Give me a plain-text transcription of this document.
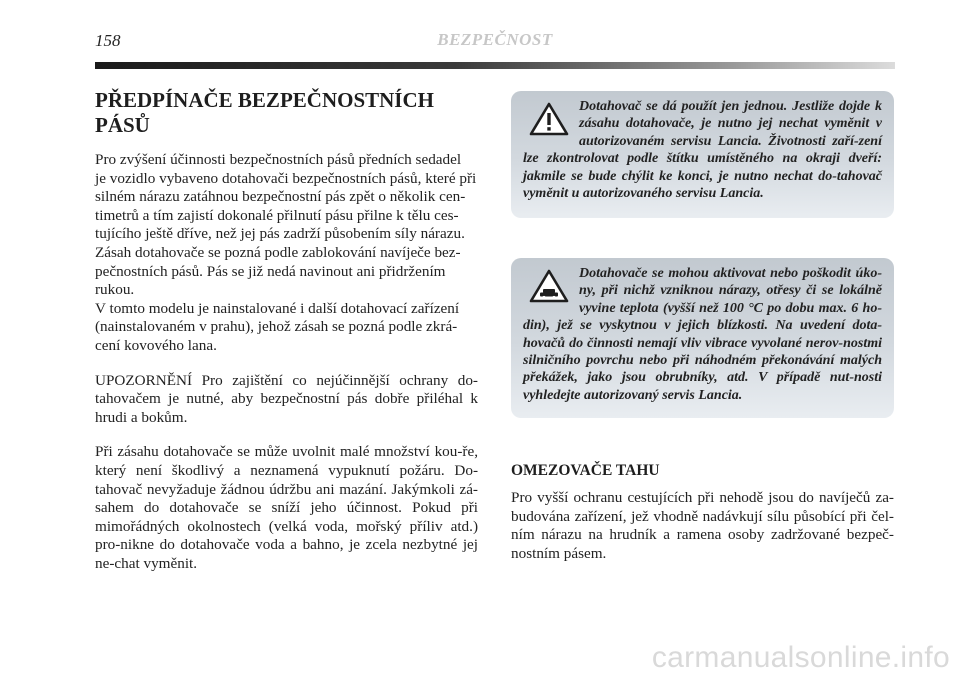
158	BEZPEČNOST
PŘEDPÍNAČE BEZPEČNOSTNÍCH PÁSŮ

Pro zvýšení účinnosti bezpečnostních pásů předních sedadel
je vozidlo vybaveno dotahovači bezpečnostních pásů, které při
silném nárazu zatáhnou bezpečnostní pás zpět o několik cen-
timetrů a tím zajistí dokonalé přilnutí pásu přilne k tělu ces-
tujícího ještě dříve, než jej pás zadrží působením síly nárazu.
Zásah dotahovače se pozná podle zablokování navíječe bez-
pečnostních pásů. Pás se již nedá navinout ani přidržením
rukou.
V tomto modelu je nainstalované i další dotahovací zařízení
(nainstalovaném v prahu), jehož zásah se pozná podle zkrá-
cení kovového lana.

UPOZORNĚNÍ Pro zajištění co nejúčinnější ochrany do-tahovačem je nutné, aby bezpečnostní pás dobře přiléhal k hrudi a bokům.

Při zásahu dotahovače se může uvolnit malé množství kou-ře, který není škodlivý a neznamená vypuknutí požáru. Do-tahovač nevyžaduje žádnou údržbu ani mazání. Jakýmkoli zá-sahem do dotahovače se sníží jeho účinnost. Pokud při mimořádných okolnostech (velká voda, mořský příliv atd.) pro-nikne do dotahovače voda a bahno, je zcela nezbytné jej ne-chat vyměnit.

Dotahovač se dá použít jen jednou. Jestliže dojde k zásahu dotahovače, je nutno jej nechat vyměnit v autorizovaném servisu Lancia. Životnosti zaří-zení lze zkontrolovat podle štítku umístěného na okraji dveří: jakmile se bude chýlit ke konci, je nutno nechat do-tahovač vyměnit u autorizovaného servisu Lancia.

Dotahovače se mohou aktivovat nebo poškodit úko-ny, při nichž vzniknou nárazy, otřesy či se lokálně vyvine teplota (vyšší než 100 °C po dobu max. 6 ho-din), jež se vyskytnou v jejich blízkosti. Na uvedení dota-hovačů do činnosti nemají vliv vibrace vyvolané nerov-nostmi silničního povrchu nebo při náhodném překonávání malých překážek, jako jsou obrubníky, atd. V případě nut-nosti vyhledejte autorizovaný servis Lancia.

OMEZOVAČE TAHU

Pro vyšší ochranu cestujících při nehodě jsou do navíječů za-budována zařízení, jež vhodně nadávkují sílu působící při čel-ním nárazu na hrudník a ramena osoby zadržované bezpeč-nostním pásem.

carmanualsonline.info
